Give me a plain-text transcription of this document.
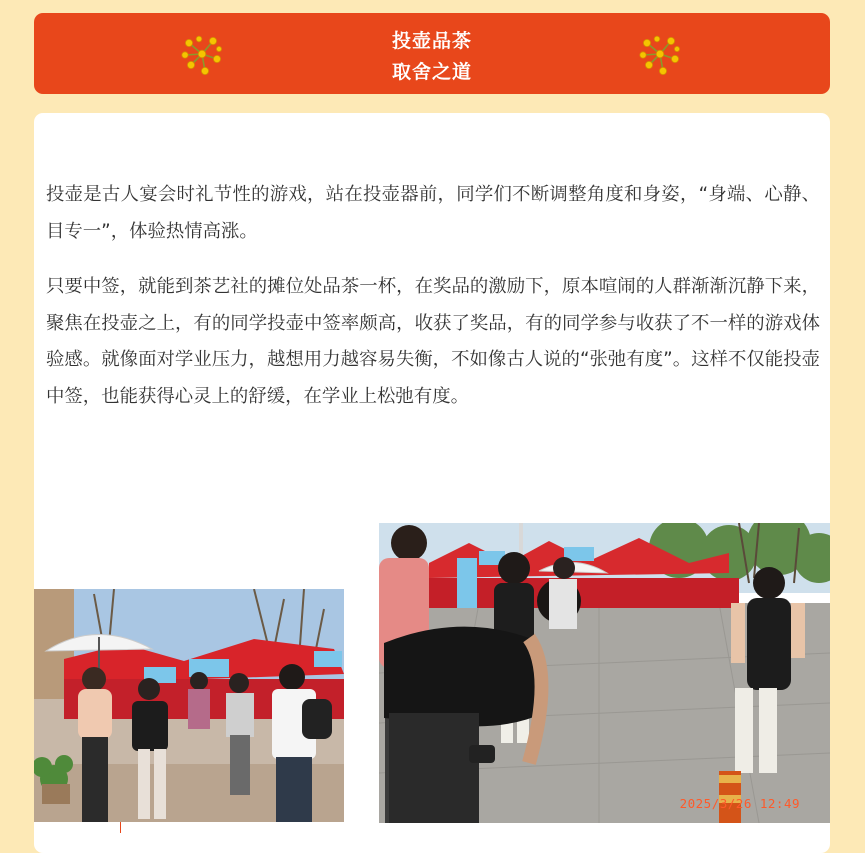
投壶品茶
取舍之道

投壶是古人宴会时礼节性的游戏，站在投壶器前，同学们不断调整角度和身姿，“身端、心静、目专一”，体验热情高涨。

只要中签，就能到茶艺社的摊位处品茶一杯，在奖品的激励下，原本喧闹的人群渐渐沉静下来，聚焦在投壶之上，有的同学投壶中签率颇高，收获了奖品，有的同学参与收获了不一样的游戏体验感。就像面对学业压力，越想用力越容易失衡，不如像古人说的“张弛有度”。这样不仅能投壶中签，也能获得心灵上的舒缓，在学业上松弛有度。

2025/3/26 12:49
